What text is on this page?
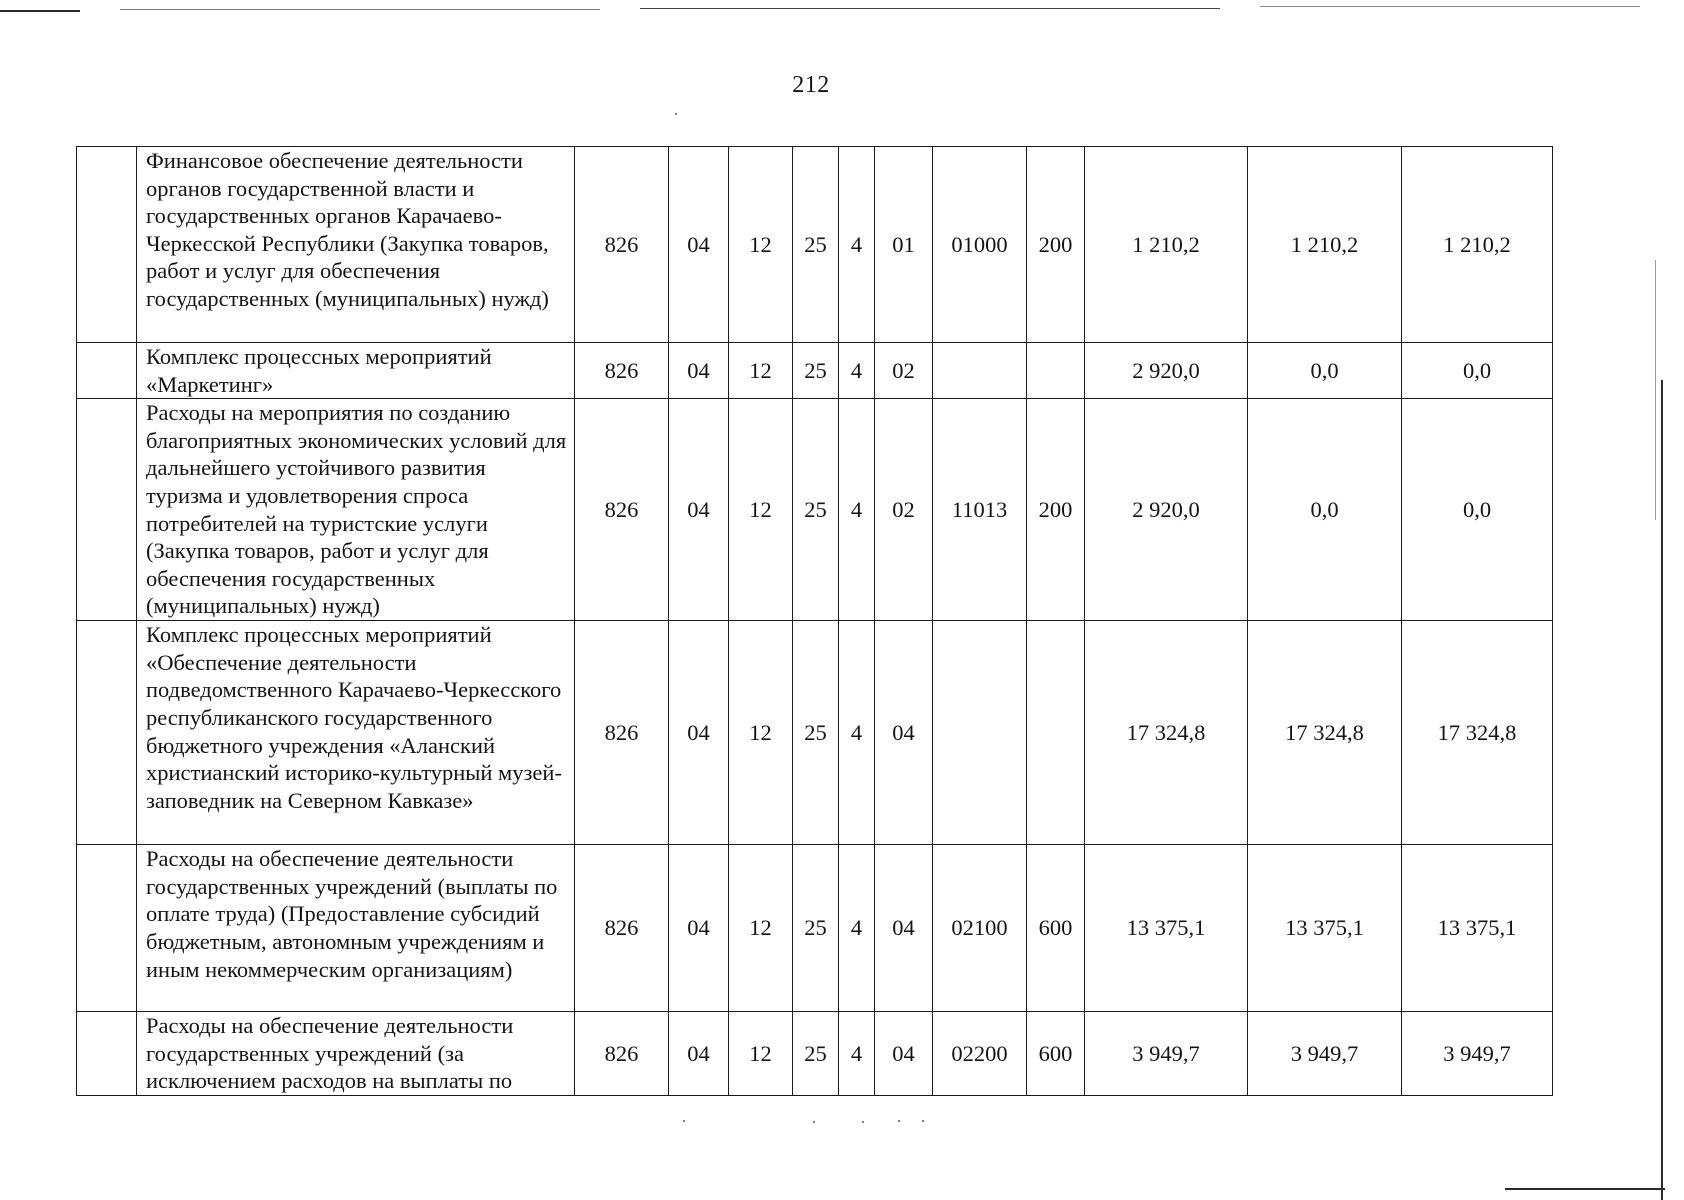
212
	Финансовое обеспечение деятельности органов государственной власти и государственных органов Карачаево-Черкесской Республики (Закупка товаров, работ и услуг для обеспечения государственных (муниципальных) нужд)	826	04	12	25	4	01	01000	200	1 210,2	1 210,2	1 210,2
	Комплекс процессных мероприятий «Маркетинг»	826	04	12	25	4	02			2 920,0	0,0	0,0
	Расходы на мероприятия по созданию благоприятных экономических условий для дальнейшего устойчивого развития туризма и удовлетворения спроса потребителей на туристские услуги (Закупка товаров, работ и услуг для обеспечения государственных (муниципальных) нужд)	826	04	12	25	4	02	11013	200	2 920,0	0,0	0,0
	Комплекс процессных мероприятий «Обеспечение деятельности подведомственного Карачаево-Черкесского республиканского государственного бюджетного учреждения «Аланский христианский историко-культурный музей-заповедник на Северном Кавказе»	826	04	12	25	4	04			17 324,8	17 324,8	17 324,8
	Расходы на обеспечение деятельности государственных учреждений (выплаты по оплате труда) (Предоставление субсидий бюджетным, автономным учреждениям и иным некоммерческим организациям)	826	04	12	25	4	04	02100	600	13 375,1	13 375,1	13 375,1
	Расходы на обеспечение деятельности государственных учреждений (за исключением расходов на выплаты по	826	04	12	25	4	04	02200	600	3 949,7	3 949,7	3 949,7
